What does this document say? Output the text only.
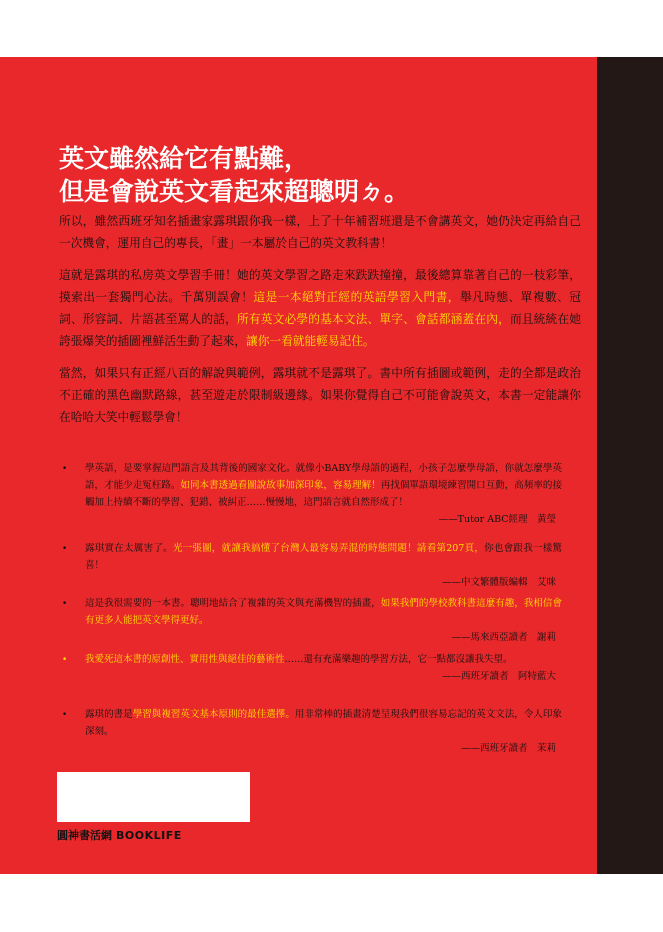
英文雖然給它有點難，
但是會說英文看起來超聰明ㄉ。

所以，雖然西班牙知名插畫家露琪跟你我一樣，上了十年補習班還是不會講英文，她仍決定再給自己一次機會，運用自己的專長，「畫」一本屬於自己的英文教科書！

這就是露琪的私房英文學習手冊！她的英文學習之路走來跌跌撞撞，最後總算靠著自己的一枝彩筆，摸索出一套獨門心法。千萬別誤會！這是一本絕對正經的英語學習入門書，舉凡時態、單複數、冠詞、形容詞、片語甚至罵人的話，所有英文必學的基本文法、單字、會話都涵蓋在內，而且統統在她誇張爆笑的插圖裡鮮活生動了起來，讓你一看就能輕易記住。

當然，如果只有正經八百的解說與範例，露琪就不是露琪了。書中所有插圖或範例，走的全都是政治不正確的黑色幽默路線，甚至遊走於限制級邊緣。如果你覺得自己不可能會說英文，本書一定能讓你在哈哈大笑中輕鬆學會！

• 學英語，是要掌握這門語言及其背後的國家文化。就像小BABY學母語的過程，小孩子怎麼學母語，你就怎麼學英語，才能少走冤枉路。如同本書透過看圖說故事加深印象，容易理解！再找個單語環境練習開口互動，高頻率的接觸加上持續不斷的學習、犯錯、被糾正……慢慢地，這門語言就自然形成了！

——Tutor ABC經理　黃瑩

• 露琪實在太厲害了。光一張圖，就讓我搞懂了台灣人最容易弄混的時態問題！請看第207頁，你也會跟我一樣驚喜！

——中文繁體版編輯　艾咪

• 這是我很需要的一本書。聰明地結合了複雜的英文與充滿機智的插畫，如果我們的學校教科書這麼有趣，我相信會有更多人能把英文學得更好。

——馬來西亞讀者　謝莉

• 我愛死這本書的原創性、實用性與絕佳的藝術性……還有充滿樂趣的學習方法，它一點都沒讓我失望。

——西班牙讀者　阿特藍大

• 露琪的書是學習與複習英文基本原則的最佳選擇。用非常棒的插畫清楚呈現我們很容易忘記的英文文法，令人印象深刻。

——西班牙讀者　茉莉

圓神書活網 BOOKLIFE
